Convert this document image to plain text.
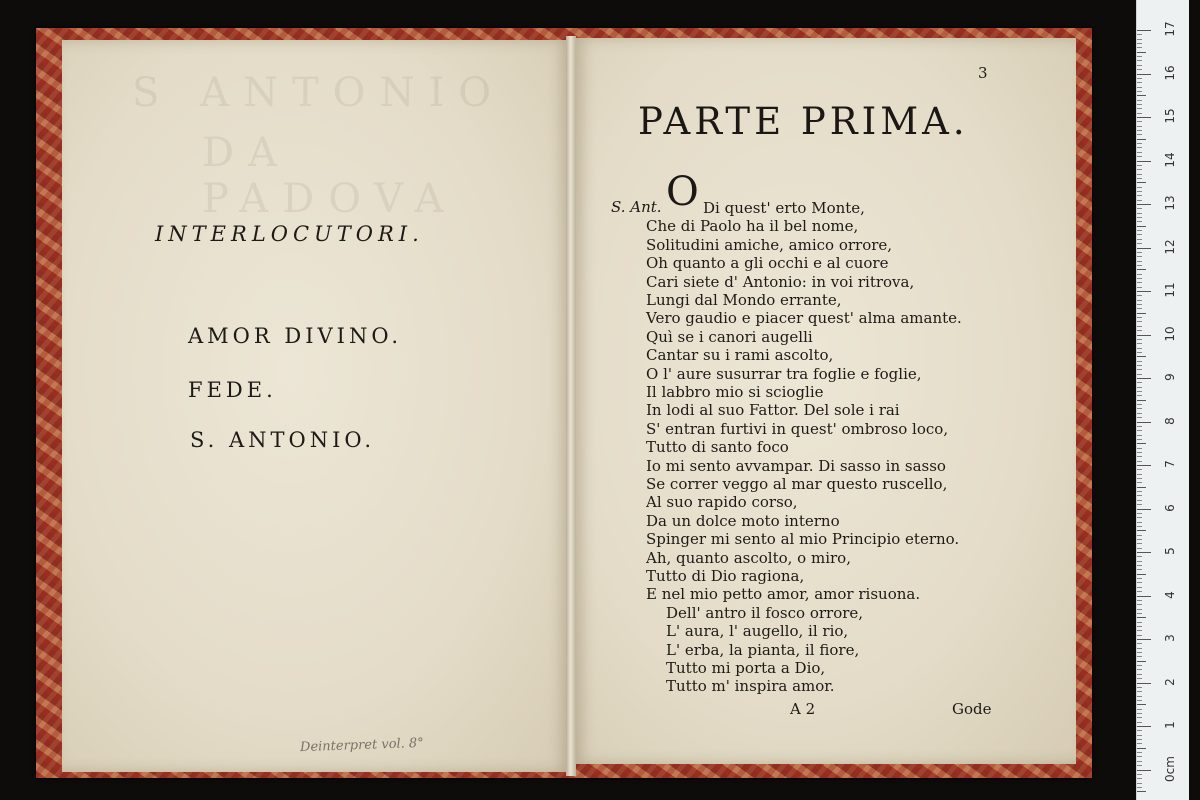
S ANTONIO
DA PADOVA
INTERLOCUTORI.
AMOR DIVINO.
FEDE.
S. ANTONIO.
Deinterpret vol. 8°
3
PARTE PRIMA.
S. Ant. O Di quest' erto Monte,
Che di Paolo ha il bel nome,
Solitudini amiche, amico orrore,
Oh quanto a gli occhi e al cuore
Cari siete d' Antonio: in voi ritrova,
Lungi dal Mondo errante,
Vero gaudio e piacer quest' alma amante.
Quì se i canori augelli
Cantar su i rami ascolto,
O l' aure susurrar tra foglie e foglie,
Il labbro mio si scioglie
In lodi al suo Fattor. Del sole i rai
S' entran furtivi in quest' ombroso loco,
Tutto di santo foco
Io mi sento avvampar. Di sasso in sasso
Se correr veggo al mar questo ruscello,
Al suo rapido corso,
Da un dolce moto interno
Spinger mi sento al mio Principio eterno.
Ah, quanto ascolto, o miro,
Tutto di Dio ragiona,
E nel mio petto amor, amor risuona.
Dell' antro il fosco orrore,
L' aura, l' augello, il rio,
L' erba, la pianta, il fiore,
Tutto mi porta a Dio,
Tutto m' inspira amor.
A 2	Gode
17
16
15
14
13
12
11
10
9
8
7
6
5
4
3
2
1
0cm
